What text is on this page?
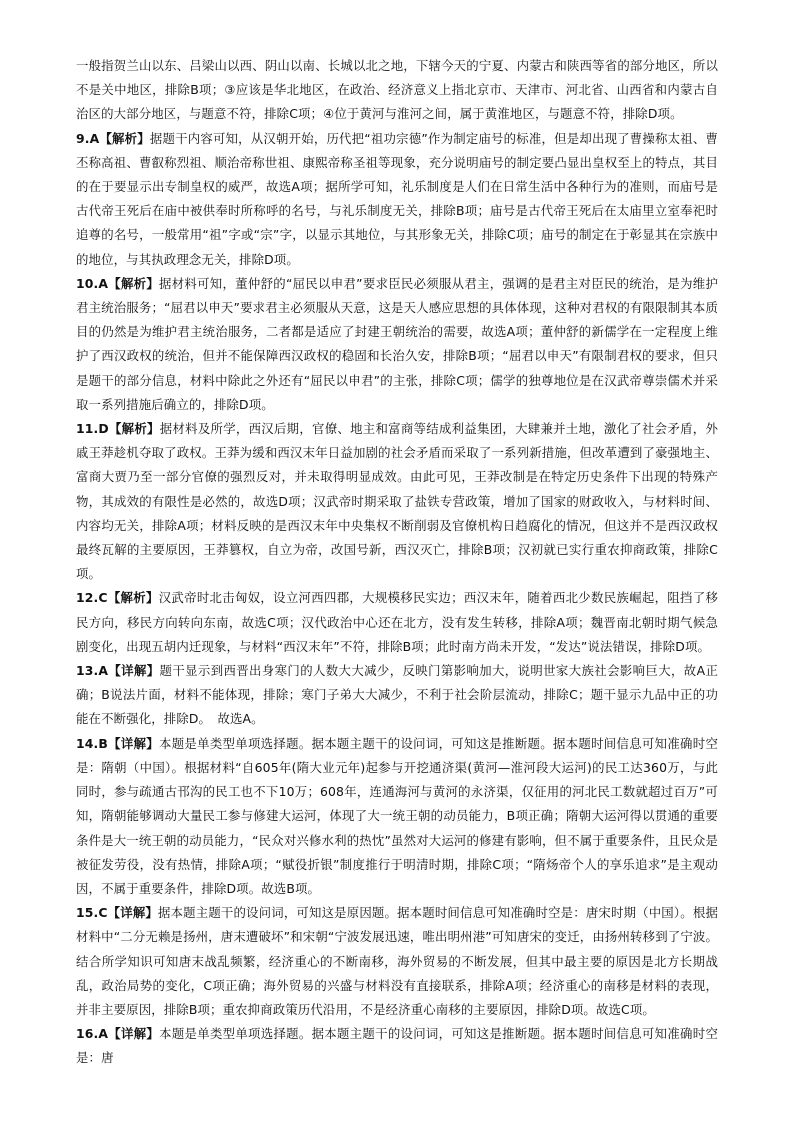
一般指贺兰山以东、吕梁山以西、阴山以南、长城以北之地，下辖今天的宁夏、内蒙古和陕西等省的部分地区，所以不是关中地区，排除B项；③应该是华北地区，在政治、经济意义上指北京市、天津市、河北省、山西省和内蒙古自治区的大部分地区，与题意不符，排除C项；④位于黄河与淮河之间，属于黄淮地区，与题意不符，排除D项。

9.A【解析】据题干内容可知，从汉朝开始，历代把“祖功宗德”作为制定庙号的标准，但是却出现了曹操称太祖、曹丕称高祖、曹叡称烈祖、顺治帝称世祖、康熙帝称圣祖等现象，充分说明庙号的制定要凸显出皇权至上的特点，其目的在于要显示出专制皇权的威严，故选A项；据所学可知，礼乐制度是人们在日常生活中各种行为的准则，而庙号是古代帝王死后在庙中被供奉时所称呼的名号，与礼乐制度无关，排除B项；庙号是古代帝王死后在太庙里立室奉祀时追尊的名号，一般常用“祖”字或“宗”字，以显示其地位，与其形象无关，排除C项；庙号的制定在于彰显其在宗族中的地位，与其执政理念无关，排除D项。

10.A【解析】据材料可知，董仲舒的“屈民以申君”要求臣民必须服从君主，强调的是君主对臣民的统治，是为维护君主统治服务；“屈君以申天”要求君主必须服从天意，这是天人感应思想的具体体现，这种对君权的有限限制其本质目的仍然是为维护君主统治服务，二者都是适应了封建王朝统治的需要，故选A项；董仲舒的新儒学在一定程度上维护了西汉政权的统治，但并不能保障西汉政权的稳固和长治久安，排除B项；“屈君以申天”有限制君权的要求，但只是题干的部分信息，材料中除此之外还有“屈民以申君”的主张，排除C项；儒学的独尊地位是在汉武帝尊崇儒术并采取一系列措施后确立的，排除D项。

11.D【解析】据材料及所学，西汉后期，官僚、地主和富商等结成利益集团，大肆兼并土地，激化了社会矛盾，外戚王莽趁机夺取了政权。王莽为缓和西汉末年日益加剧的社会矛盾而采取了一系列新措施，但改革遭到了豪强地主、富商大贾乃至一部分官僚的强烈反对，并未取得明显成效。由此可见，王莽改制是在特定历史条件下出现的特殊产物，其成效的有限性是必然的，故选D项；汉武帝时期采取了盐铁专营政策，增加了国家的财政收入，与材料时间、内容均无关，排除A项；材料反映的是西汉末年中央集权不断削弱及官僚机构日趋腐化的情况，但这并不是西汉政权最终瓦解的主要原因，王莽篡权，自立为帝，改国号新，西汉灭亡，排除B项；汉初就已实行重农抑商政策，排除C项。

12.C【解析】汉武帝时北击匈奴，设立河西四郡，大规模移民实边；西汉末年，随着西北少数民族崛起，阻挡了移民方向，移民方向转向东南，故选C项；汉代政治中心还在北方，没有发生转移，排除A项；魏晋南北朝时期气候急剧变化，出现五胡内迁现象，与材料“西汉末年”不符，排除B项；此时南方尚未开发，“发达”说法错误，排除D项。

13.A【详解】题干显示到西晋出身寒门的人数大大减少，反映门第影响加大，说明世家大族社会影响巨大，故A正确；B说法片面，材料不能体现，排除；寒门子弟大大减少，不利于社会阶层流动，排除C；题干显示九品中正的功能在不断强化，排除D。　故选A。

14.B【详解】本题是单类型单项选择题。据本题主题干的设问词，可知这是推断题。据本题时间信息可知准确时空是：隋朝（中国）。根据材料“自605年(隋大业元年)起参与开挖通济渠(黄河—淮河段大运河)的民工达360万，与此同时，参与疏通古邗沟的民工也不下10万；608年，连通海河与黄河的永济渠，仅征用的河北民工数就超过百万”可知，隋朝能够调动大量民工参与修建大运河，体现了大一统王朝的动员能力，B项正确；隋朝大运河得以贯通的重要条件是大一统王朝的动员能力，“民众对兴修水利的热忱”虽然对大运河的修建有影响，但不属于重要条件，且民众是被征发劳役，没有热情，排除A项；“赋役折银”制度推行于明清时期，排除C项；“隋炀帝个人的享乐追求”是主观动因，不属于重要条件，排除D项。故选B项。

15.C【详解】据本题主题干的设问词，可知这是原因题。据本题时间信息可知准确时空是：唐宋时期（中国）。根据材料中“二分无赖是扬州，唐末遭破坏”和宋朝“宁波发展迅速，唯出明州港”可知唐宋的变迁，由扬州转移到了宁波。结合所学知识可知唐末战乱频繁，经济重心的不断南移，海外贸易的不断发展，但其中最主要的原因是北方长期战乱，政治局势的变化，C项正确；海外贸易的兴盛与材料没有直接联系，排除A项；经济重心的南移是材料的表现，并非主要原因，排除B项；重农抑商政策历代沿用，不是经济重心南移的主要原因，排除D项。故选C项。

16.A【详解】本题是单类型单项选择题。据本题主题干的设问词，可知这是推断题。据本题时间信息可知准确时空是：唐
